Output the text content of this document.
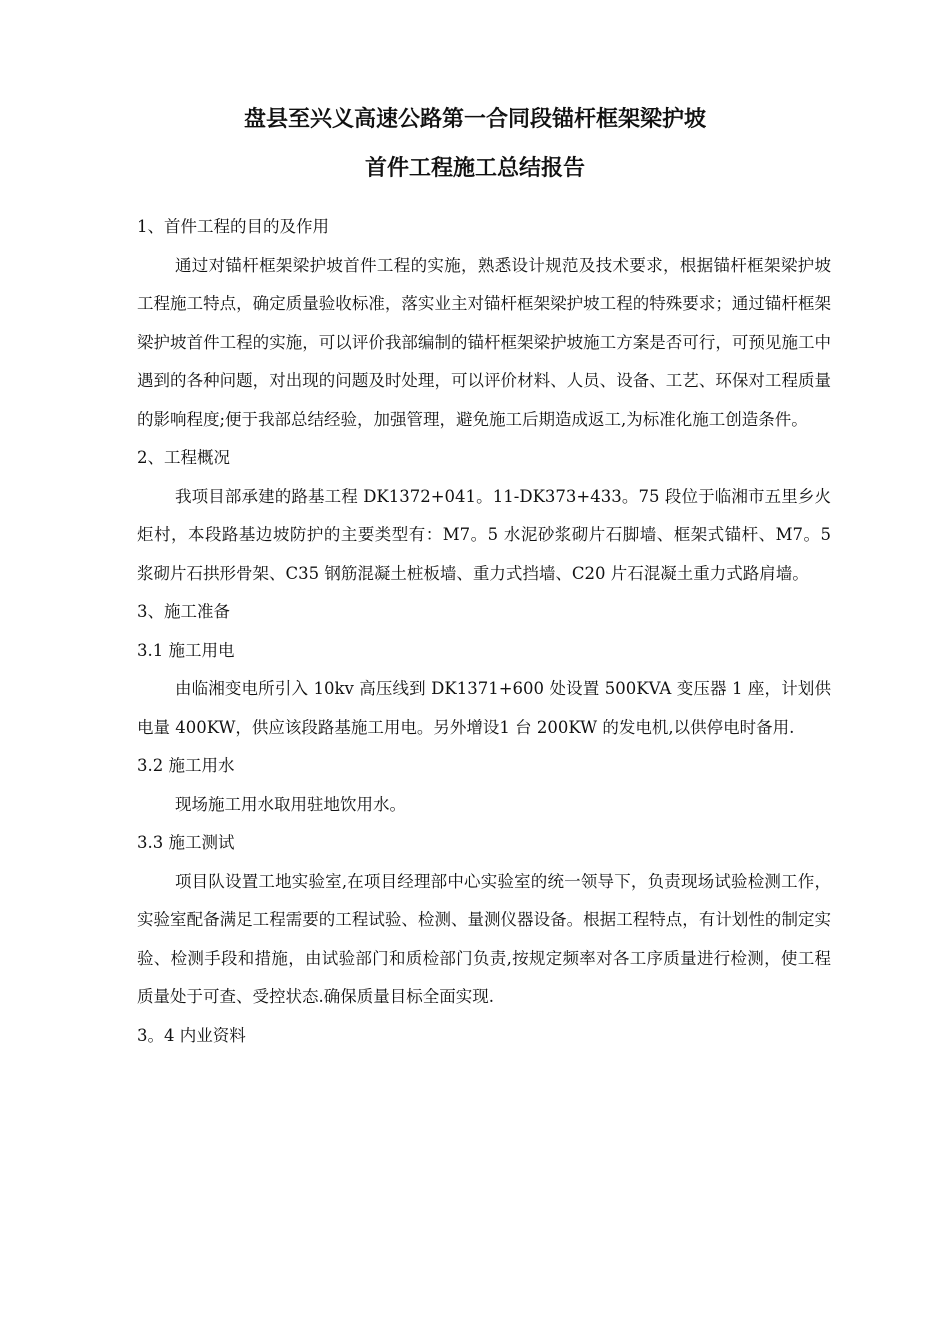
盘县至兴义高速公路第一合同段锚杆框架梁护坡
首件工程施工总结报告

1、首件工程的目的及作用

通过对锚杆框架梁护坡首件工程的实施，熟悉设计规范及技术要求，根据锚杆框架梁护坡工程施工特点，确定质量验收标准，落实业主对锚杆框架梁护坡工程的特殊要求；通过锚杆框架梁护坡首件工程的实施，可以评价我部编制的锚杆框架梁护坡施工方案是否可行，可预见施工中遇到的各种问题，对出现的问题及时处理，可以评价材料、人员、设备、工艺、环保对工程质量的影响程度;便于我部总结经验，加强管理，避免施工后期造成返工,为标准化施工创造条件。

2、工程概况

我项目部承建的路基工程 DK1372+041。11-DK373+433。75 段位于临湘市五里乡火炬村，本段路基边坡防护的主要类型有：M7。5 水泥砂浆砌片石脚墙、框架式锚杆、M7。5 浆砌片石拱形骨架、C35 钢筋混凝土桩板墙、重力式挡墙、C20 片石混凝土重力式路肩墙。

3、施工准备

3.1 施工用电

由临湘变电所引入 10kv 高压线到 DK1371+600 处设置 500KVA 变压器 1 座，计划供电量 400KW，供应该段路基施工用电。另外增设1 台 200KW 的发电机,以供停电时备用.

3.2 施工用水

现场施工用水取用驻地饮用水。

3.3 施工测试

项目队设置工地实验室,在项目经理部中心实验室的统一领导下，负责现场试验检测工作，实验室配备满足工程需要的工程试验、检测、量测仪器设备。根据工程特点，有计划性的制定实验、检测手段和措施，由试验部门和质检部门负责,按规定频率对各工序质量进行检测，使工程质量处于可查、受控状态.确保质量目标全面实现.

3。4 内业资料
